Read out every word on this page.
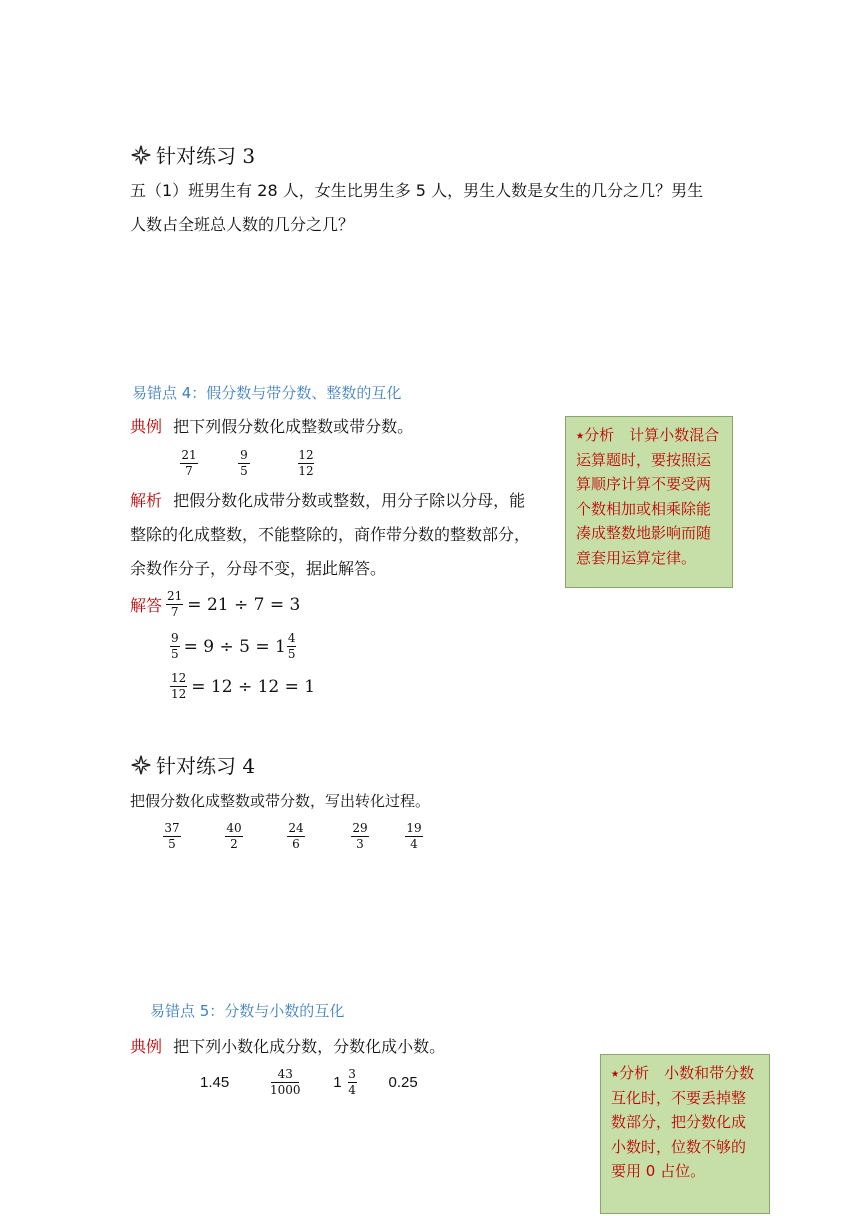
针对练习 3
五（1）班男生有 28 人，女生比男生多 5 人，男生人数是女生的几分之几？男生
人数占全班总人数的几分之几？
易错点 4：假分数与带分数、整数的互化
典例 把下列假分数化成整数或带分数。
$\frac{21}{7}$	$\frac{9}{5}$	$\frac{12}{12}$
解析 把假分数化成带分数或整数，用分子除以分母，能
整除的化成整数，不能整除的，商作带分数的整数部分，
余数作分子，分母不变，据此解答。
解答 $\frac{21}{7} = 21 \div 7 = 3$
$\frac{9}{5} = 9 \div 5 = 1 \frac{4}{5}$
$\frac{12}{12} = 12 \div 12 = 1$
⭑分析　计算小数混合运算题时，要按照运算顺序计算不要受两个数相加或相乘除能凑成整数地影响而随意套用运算定律。
针对练习 4
把假分数化成整数或带分数，写出转化过程。
$\frac{37}{5}$	$\frac{40}{2}$	$\frac{24}{6}$	$\frac{29}{3}$	$\frac{19}{4}$
易错点 5：分数与小数的互化
典例 把下列小数化成分数，分数化成小数。
1.45	$\frac{43}{1000} 1 \frac{3}{4} 0.25$
⭑分析　小数和带分数互化时，不要丢掉整数部分，把分数化成小数时，位数不够的要用 0 占位。
